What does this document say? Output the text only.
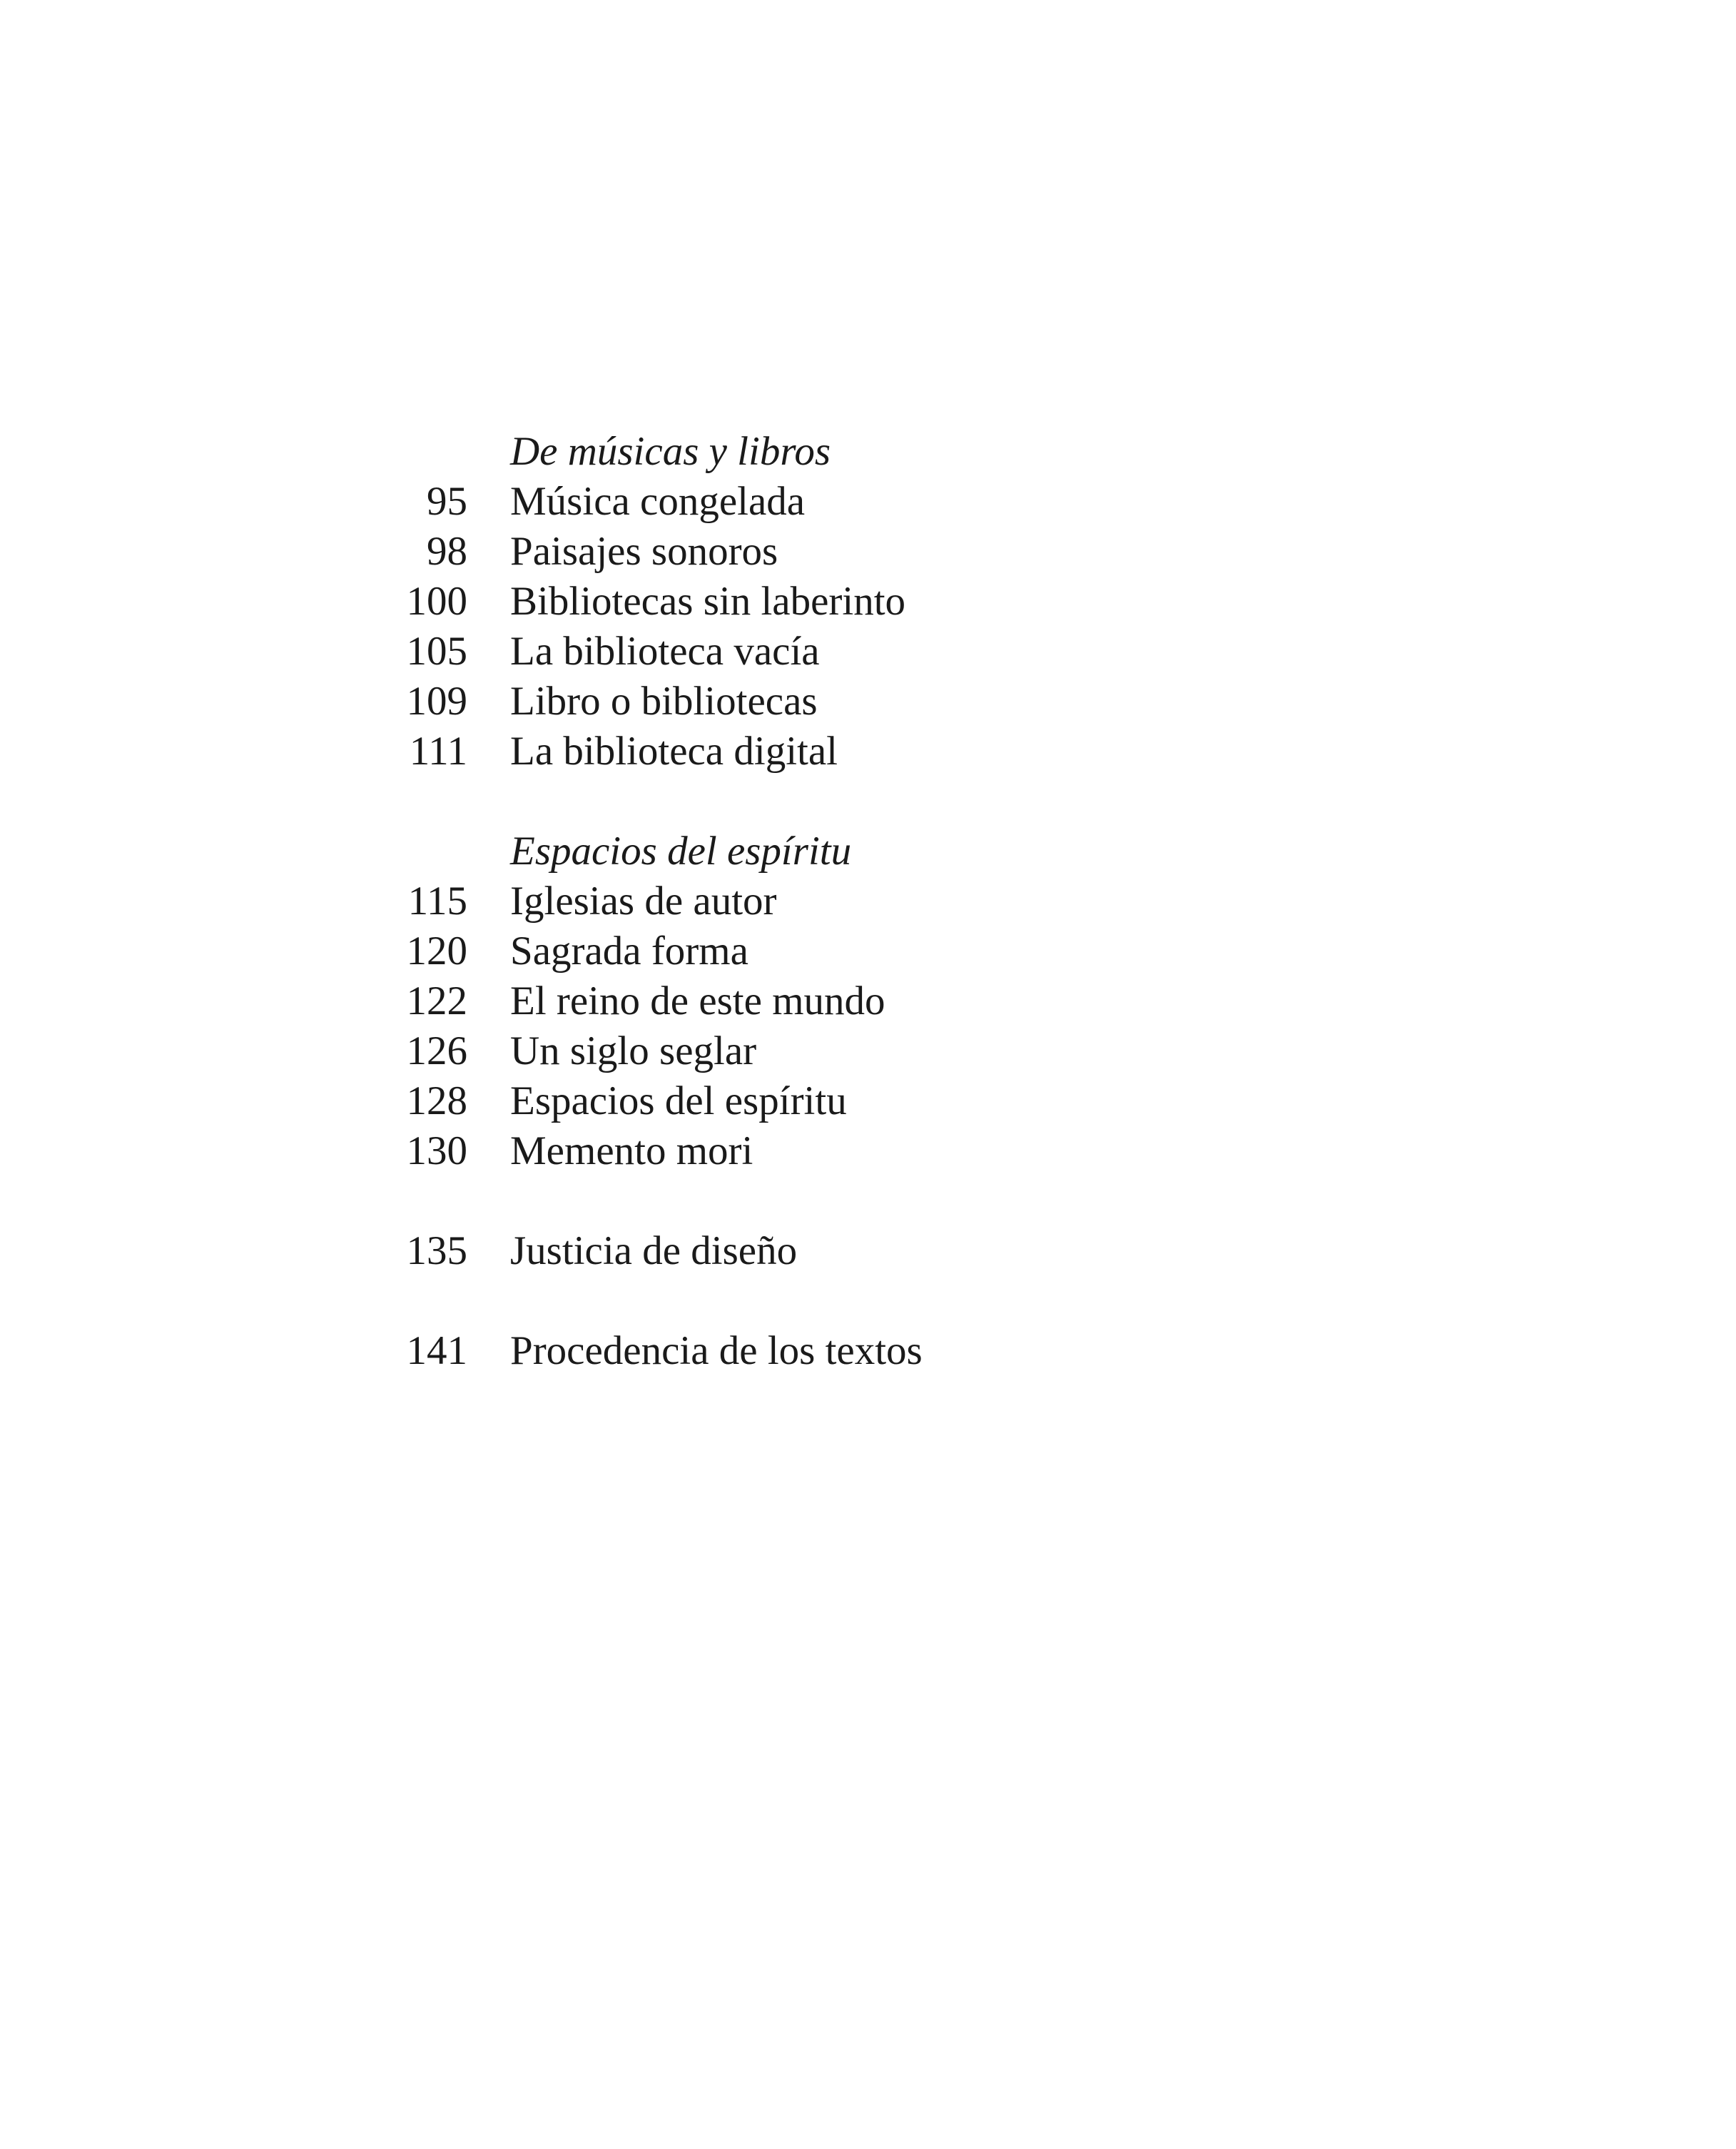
De músicas y libros
95 Música congelada
98 Paisajes sonoros
100 Bibliotecas sin laberinto
105 La biblioteca vacía
109 Libro o bibliotecas
111 La biblioteca digital
Espacios del espíritu
115 Iglesias de autor
120 Sagrada forma
122 El reino de este mundo
126 Un siglo seglar
128 Espacios del espíritu
130 Memento mori
135 Justicia de diseño
141 Procedencia de los textos
